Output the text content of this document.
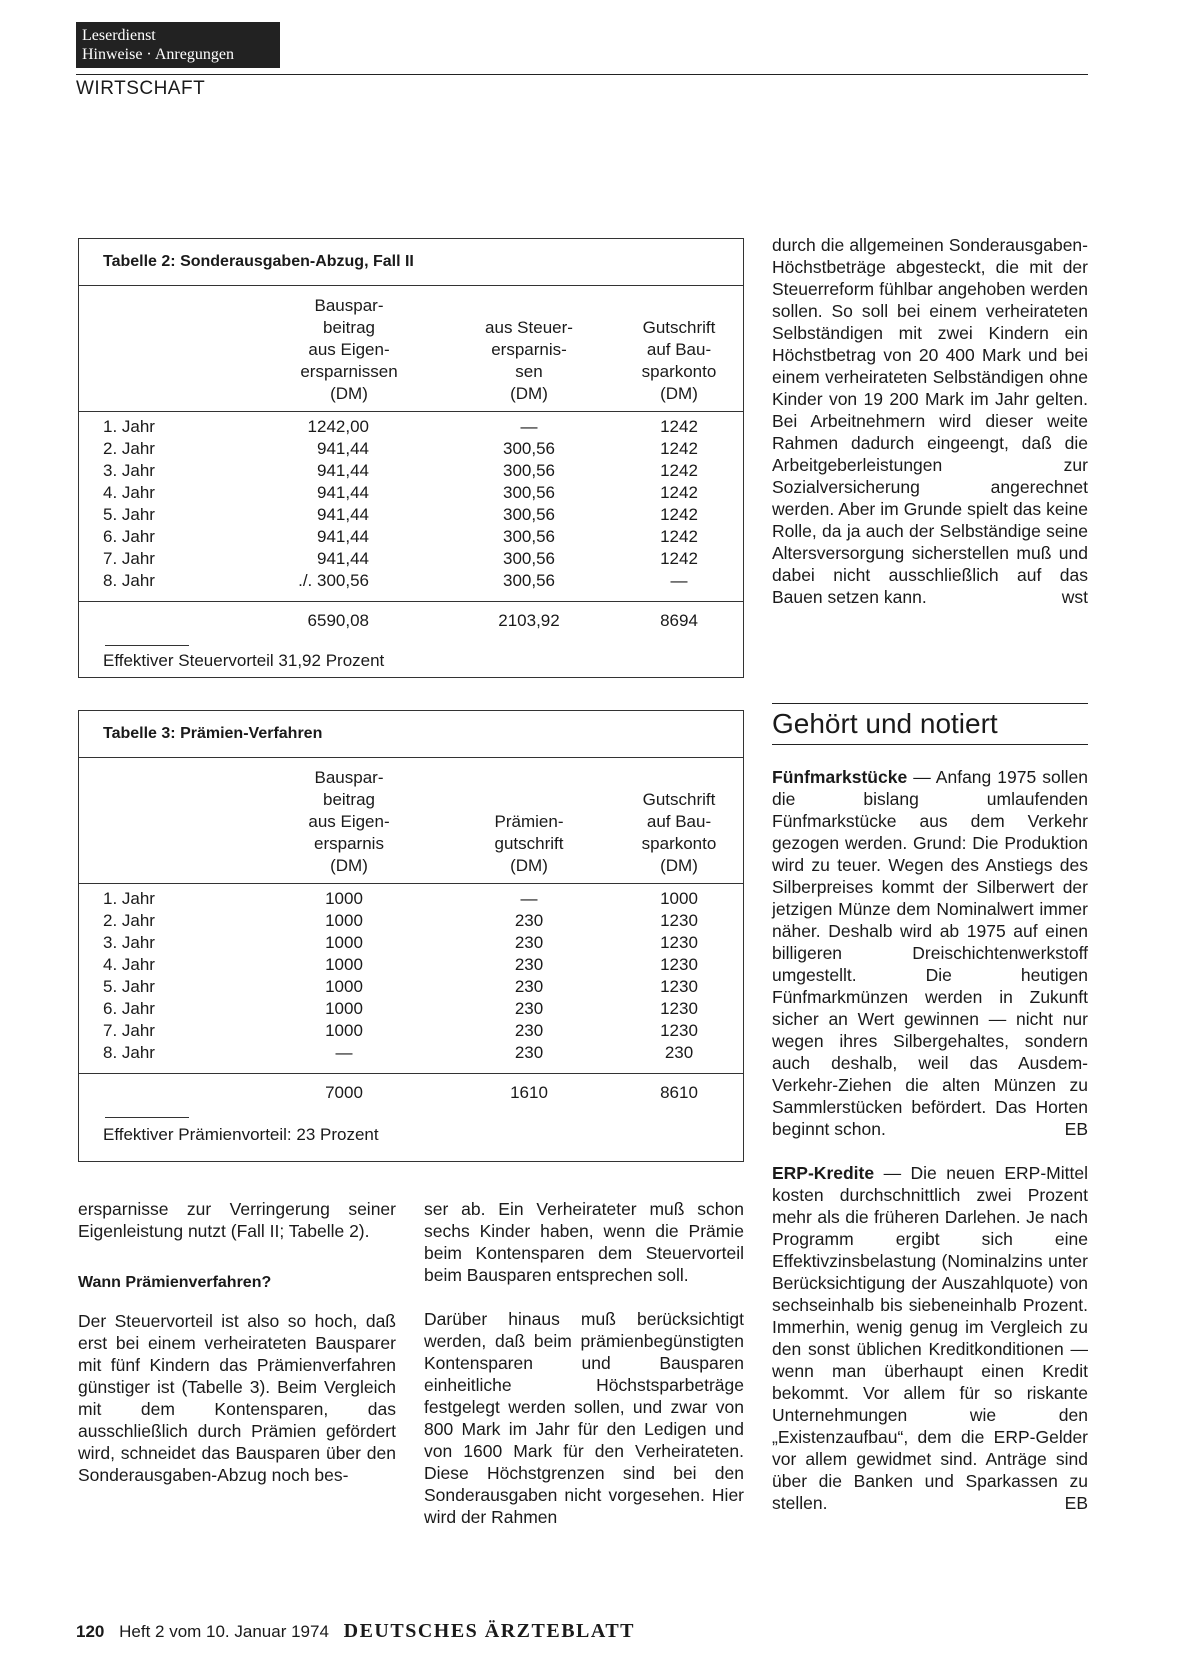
Leserdienst
Hinweise · Anregungen
WIRTSCHAFT
Tabelle 2: Sonderausgaben-Abzug, Fall II
Bauspar-
beitrag
aus Eigen-
ersparnissen
(DM)
aus Steuer-
ersparnis-
sen
(DM)
Gutschrift
auf Bau-
sparkonto
(DM)
1. Jahr	1242,00	—	1242
2. Jahr	941,44	300,56	1242
3. Jahr	941,44	300,56	1242
4. Jahr	941,44	300,56	1242
5. Jahr	941,44	300,56	1242
6. Jahr	941,44	300,56	1242
7. Jahr	941,44	300,56	1242
8. Jahr	./. 300,56	300,56	—
6590,08	2103,92	8694
Effektiver Steuervorteil 31,92 Prozent
Tabelle 3: Prämien-Verfahren
Bauspar-
beitrag
aus Eigen-
ersparnis
(DM)
Prämien-
gutschrift
(DM)
Gutschrift
auf Bau-
sparkonto
(DM)
1. Jahr	1000	—	1000
2. Jahr	1000	230	1230
3. Jahr	1000	230	1230
4. Jahr	1000	230	1230
5. Jahr	1000	230	1230
6. Jahr	1000	230	1230
7. Jahr	1000	230	1230
8. Jahr	—	230	230
7000	1610	8610
Effektiver Prämienvorteil: 23 Prozent

ersparnisse zur Verringerung seiner Eigenleistung nutzt (Fall II; Tabelle 2).

Wann Prämienverfahren?

Der Steuervorteil ist also so hoch, daß erst bei einem verheirateten Bausparer mit fünf Kindern das Prämienverfahren günstiger ist (Tabelle 3). Beim Vergleich mit dem Kontensparen, das ausschließlich durch Prämien gefördert wird, schneidet das Bausparen über den Sonderausgaben-Abzug noch bes-

ser ab. Ein Verheirateter muß schon sechs Kinder haben, wenn die Prämie beim Kontensparen dem Steuervorteil beim Bausparen entsprechen soll.

Darüber hinaus muß berücksichtigt werden, daß beim prämienbegünstigten Kontensparen und Bausparen einheitliche Höchstsparbeträge festgelegt werden sollen, und zwar von 800 Mark im Jahr für den Ledigen und von 1600 Mark für den Verheirateten. Diese Höchstgrenzen sind bei den Sonderausgaben nicht vorgesehen. Hier wird der Rahmen

durch die allgemeinen Sonderausgaben-Höchstbeträge abgesteckt, die mit der Steuerreform fühlbar angehoben werden sollen. So soll bei einem verheirateten Selbständigen mit zwei Kindern ein Höchstbetrag von 20 400 Mark und bei einem verheirateten Selbständigen ohne Kinder von 19 200 Mark im Jahr gelten. Bei Arbeitnehmern wird dieser weite Rahmen dadurch eingeengt, daß die Arbeitgeberleistungen zur Sozialversicherung angerechnet werden. Aber im Grunde spielt das keine Rolle, da ja auch der Selbständige seine Altersversorgung sicherstellen muß und dabei nicht ausschließlich auf das Bauen setzen kann.	wst

Gehört und notiert

Fünfmarkstücke — Anfang 1975 sollen die bislang umlaufenden Fünfmarkstücke aus dem Verkehr gezogen werden. Grund: Die Produktion wird zu teuer. Wegen des Anstiegs des Silberpreises kommt der Silberwert der jetzigen Münze dem Nominalwert immer näher. Deshalb wird ab 1975 auf einen billigeren Dreischichtenwerkstoff umgestellt. Die heutigen Fünfmarkmünzen werden in Zukunft sicher an Wert gewinnen — nicht nur wegen ihres Silbergehaltes, sondern auch deshalb, weil das Ausdem-Verkehr-Ziehen die alten Münzen zu Sammlerstücken befördert. Das Horten beginnt schon.	EB

ERP-Kredite — Die neuen ERP-Mittel kosten durchschnittlich zwei Prozent mehr als die früheren Darlehen. Je nach Programm ergibt sich eine Effektivzinsbelastung (Nominalzins unter Berücksichtigung der Auszahlquote) von sechseinhalb bis siebeneinhalb Prozent. Immerhin, wenig genug im Vergleich zu den sonst üblichen Kreditkonditionen — wenn man überhaupt einen Kredit bekommt. Vor allem für so riskante Unternehmungen wie den „Existenzaufbau“, dem die ERP-Gelder vor allem gewidmet sind. Anträge sind über die Banken und Sparkassen zu stellen.	EB

120 Heft 2 vom 10. Januar 1974 DEUTSCHES ÄRZTEBLATT
